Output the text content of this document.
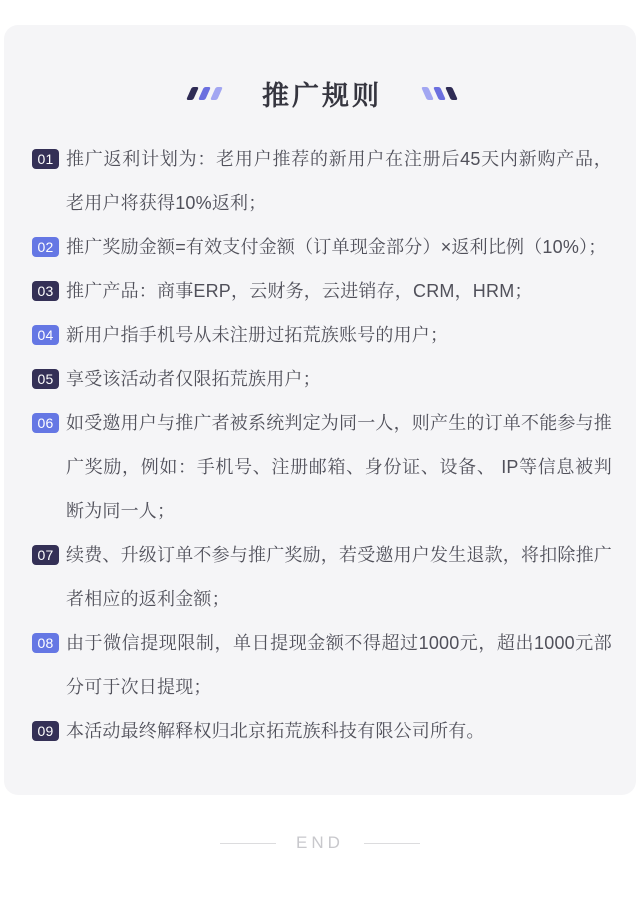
推广规则
01 推广返利计划为：老用户推荐的新用户在注册后45天内新购产品，老用户将获得10%返利；
02 推广奖励金额=有效支付金额（订单现金部分）×返利比例（10%）；
03 推广产品：商事ERP，云财务，云进销存，CRM，HRM；
04 新用户指手机号从未注册过拓荒族账号的用户；
05 享受该活动者仅限拓荒族用户；
06 如受邀用户与推广者被系统判定为同一人，则产生的订单不能参与推广奖励，例如：手机号、注册邮箱、身份证、设备、 IP等信息被判断为同一人；
07 续费、升级订单不参与推广奖励，若受邀用户发生退款，将扣除推广者相应的返利金额；
08 由于微信提现限制，单日提现金额不得超过1000元，超出1000元部分可于次日提现；
09 本活动最终解释权归北京拓荒族科技有限公司所有。
END
